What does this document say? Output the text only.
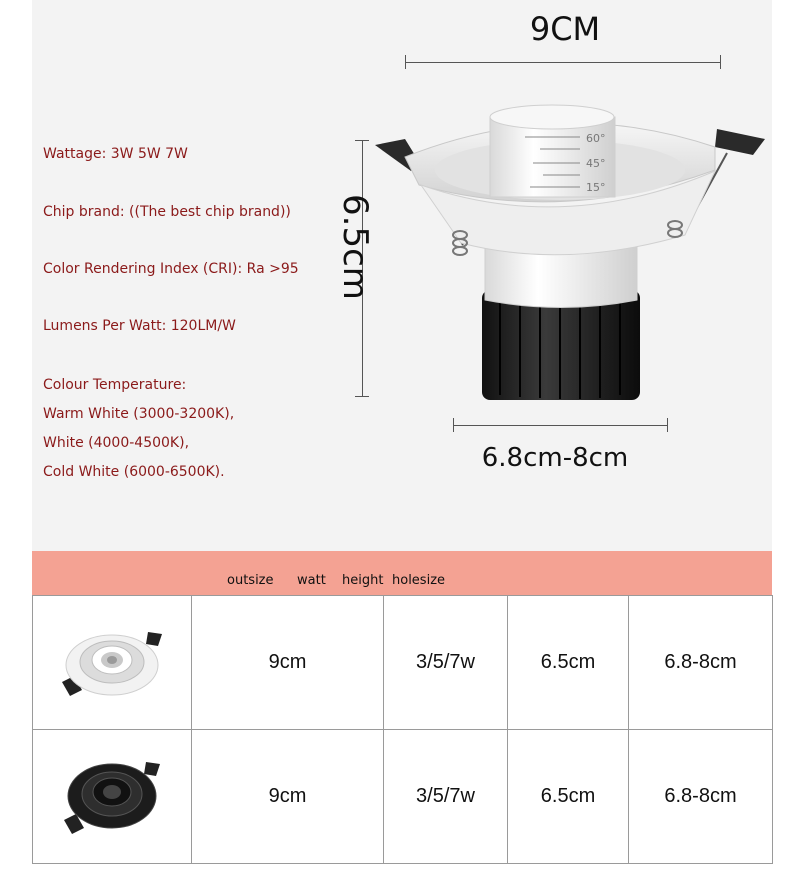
Wattage: 3W 5W 7W
Chip brand: ((The best chip brand))
Color Rendering Index (CRI): Ra >95
Lumens Per Watt: 120LM/W
Colour Temperature:
Warm White (3000-3200K),
White (4000-4500K),
Cold White (6000-6500K).
9CM
6.5cm
6.8cm-8cm
60°
45°
15°
outsize watt height holesize
	9cm	3/5/7w	6.5cm	6.8-8cm
	9cm	3/5/7w	6.5cm	6.8-8cm
